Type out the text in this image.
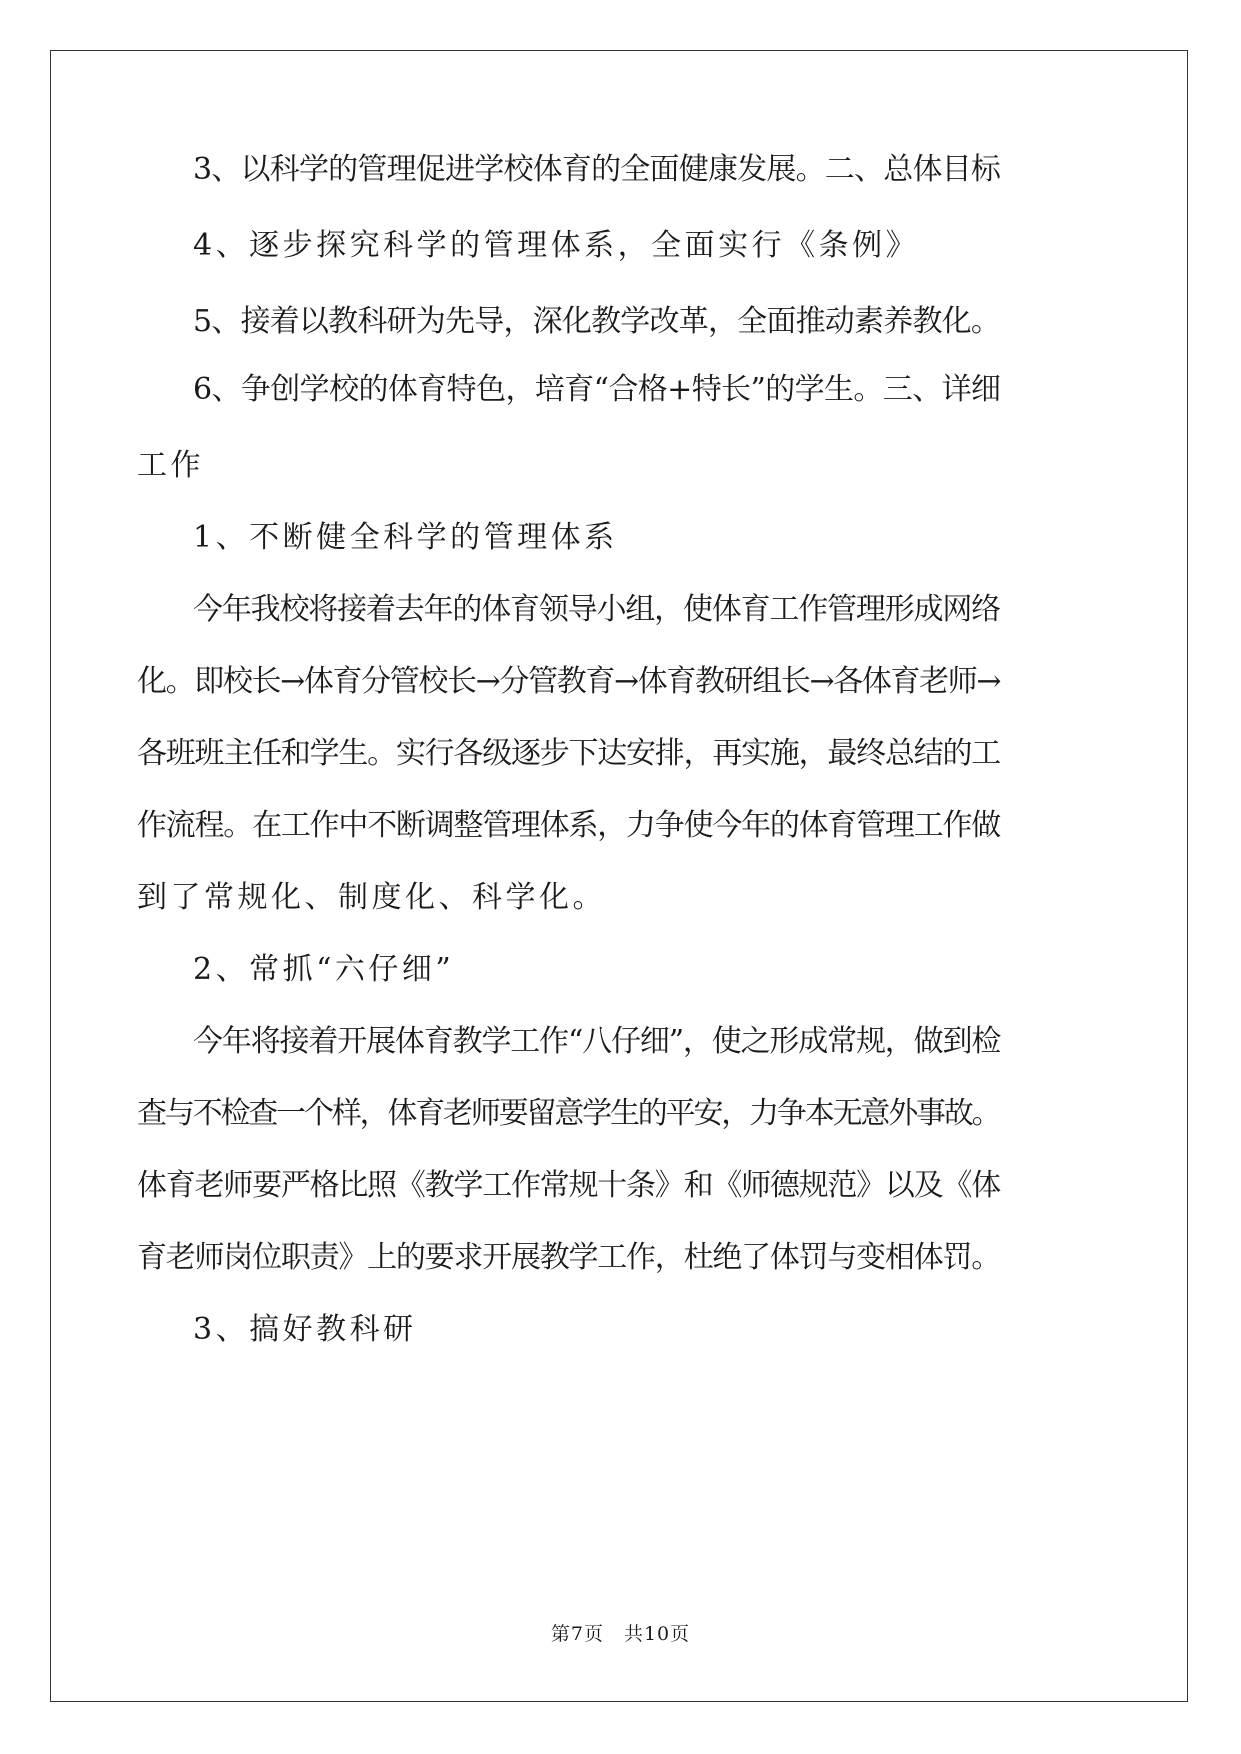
3、以科学的管理促进学校体育的全面健康发展。二、总体目标
4、逐步探究科学的管理体系，全面实行《条例》
5、接着以教科研为先导，深化教学改革，全面推动素养教化。
6、争创学校的体育特色，培育“合格+特长”的学生。三、详细
工作
1、不断健全科学的管理体系
今年我校将接着去年的体育领导小组，使体育工作管理形成网络
化。即校长→体育分管校长→分管教育→体育教研组长→各体育老师→
各班班主任和学生。实行各级逐步下达安排，再实施，最终总结的工
作流程。在工作中不断调整管理体系，力争使今年的体育管理工作做
到了常规化、制度化、科学化。
2、常抓“六仔细”
今年将接着开展体育教学工作“八仔细”，使之形成常规，做到检
查与不检查一个样，体育老师要留意学生的平安，力争本无意外事故。
体育老师要严格比照《教学工作常规十条》和《师德规范》以及《体
育老师岗位职责》上的要求开展教学工作，杜绝了体罚与变相体罚。
3、搞好教科研
第7页　共10页
